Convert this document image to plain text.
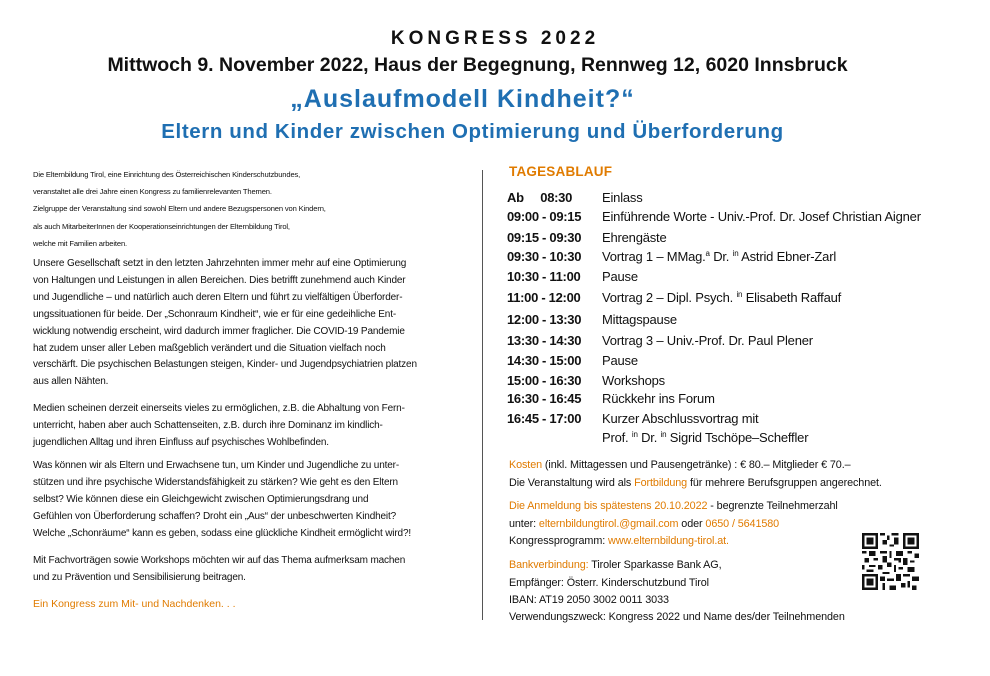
KONGRESS 2022
Mittwoch 9. November 2022, Haus der Begegnung, Rennweg 12, 6020 Innsbruck
„Auslaufmodell Kindheit?“
Eltern und Kinder zwischen Optimierung und Überforderung

Die Elternbildung Tirol, eine Einrichtung des Österreichischen Kinderschutzbundes,

veranstaltet alle drei Jahre einen Kongress zu familienrelevanten Themen.

Zielgruppe der Veranstaltung sind sowohl Eltern und andere Bezugspersonen von Kindern,

als auch MitarbeiterInnen der Kooperationseinrichtungen der Elternbildung Tirol,

welche mit Familien arbeiten.

Unsere Gesellschaft setzt in den letzten Jahrzehnten immer mehr auf eine Optimierung

von Haltungen und Leistungen in allen Bereichen. Dies betrifft zunehmend auch Kinder

und Jugendliche – und natürlich auch deren Eltern und führt zu vielfältigen Überforder-

ungssituationen für beide. Der „Schonraum Kindheit“, wie er für eine gedeihliche Ent-

wicklung notwendig erscheint, wird dadurch immer fraglicher. Die COVID-19 Pandemie

hat zudem unser aller Leben maßgeblich verändert und die Situation vielfach noch

verschärft. Die psychischen Belastungen steigen, Kinder- und Jugendpsychiatrien platzen

aus allen Nähten.

Medien scheinen derzeit einerseits vieles zu ermöglichen, z.B. die Abhaltung von Fern-

unterricht, haben aber auch Schattenseiten, z.B. durch ihre Dominanz im kindlich-

jugendlichen Alltag und ihren Einfluss auf psychisches Wohlbefinden.

Was können wir als Eltern und Erwachsene tun, um Kinder und Jugendliche zu unter-

stützen und ihre psychische Widerstandsfähigkeit zu stärken? Wie geht es den Eltern

selbst? Wie können diese ein Gleichgewicht zwischen Optimierungsdrang und

Gefühlen von Überforderung schaffen? Droht ein „Aus“ der unbeschwerten Kindheit?

Welche „Schonräume“ kann es geben, sodass eine glückliche Kindheit ermöglicht wird?!

Mit Fachvorträgen sowie Workshops möchten wir auf das Thema aufmerksam machen

und zu Prävention und Sensibilisierung beitragen.

Ein Kongress zum Mit- und Nachdenken. . .
TAGESABLAUF
Ab     08:30 Einlass
09:00 - 09:15 Einführende Worte - Univ.-Prof. Dr. Josef Christian Aigner
09:15 - 09:30 Ehrengäste
09:30 - 10:30 Vortrag 1 – MMag.$^a$ Dr. $^{in}$ Astrid Ebner-Zarl
10:30 - 11:00 Pause
11:00 - 12:00 Vortrag 2 – Dipl. Psych. $^{in}$ Elisabeth Raffauf
12:00 - 13:30 Mittagspause
13:30 - 14:30 Vortrag 3 – Univ.-Prof. Dr. Paul Plener
14:30 - 15:00 Pause
15:00 - 16:30 Workshops
16:30 - 16:45 Rückkehr ins Forum
16:45 - 17:00 Kurzer Abschlussvortrag mit
Prof. $^{in}$ Dr. $^{in}$ Sigrid Tschöpe–Scheffler
Kosten (inkl. Mittagessen und Pausengetränke) : € 80.– Mitglieder € 70.–
Die Veranstaltung wird als Fortbildung für mehrere Berufsgruppen angerechnet.
Die Anmeldung bis spätestens 20.10.2022 - begrenzte Teilnehmerzahl
unter: elternbildungtirol.@gmail.com oder 0650 / 5641580
Kongressprogramm: www.elternbildung-tirol.at.
Bankverbindung: Tiroler Sparkasse Bank AG,
Empfänger: Österr. Kinderschutzbund Tirol
IBAN: AT19 2050 3002 0011 3033
Verwendungszweck: Kongress 2022 und Name des/der Teilnehmenden
